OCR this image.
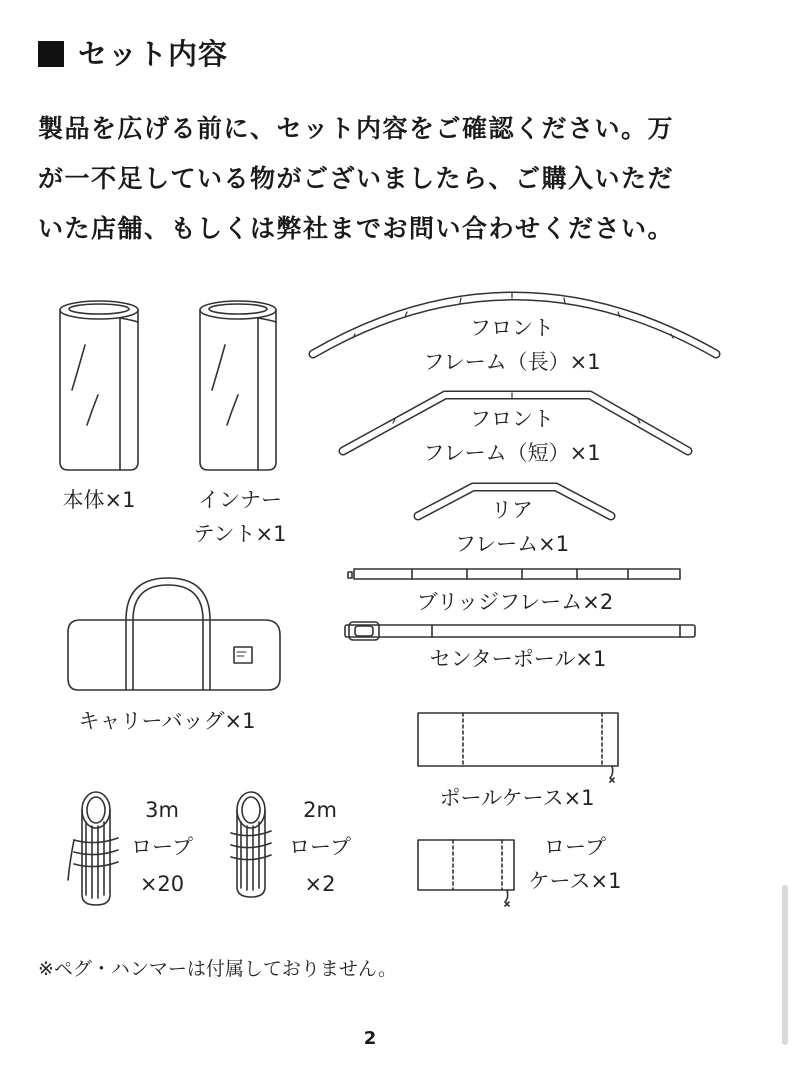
セット内容

製品を広げる前に、セット内容をご確認ください。万
が一不足している物がございましたら、ご購入いただ
いた店舗、もしくは弊社までお問い合わせください。

本体×1	インナー
テント×1
フロント
フレーム（長）×1
フロント
フレーム（短）×1
リア
フレーム×1
ブリッジフレーム×2
センターポール×1
キャリーバッグ×1
ポールケース×1
3m
ロープ
×20
2m
ロープ
×2
ロープ
ケース×1
※ペグ・ハンマーは付属しておりません。
2
